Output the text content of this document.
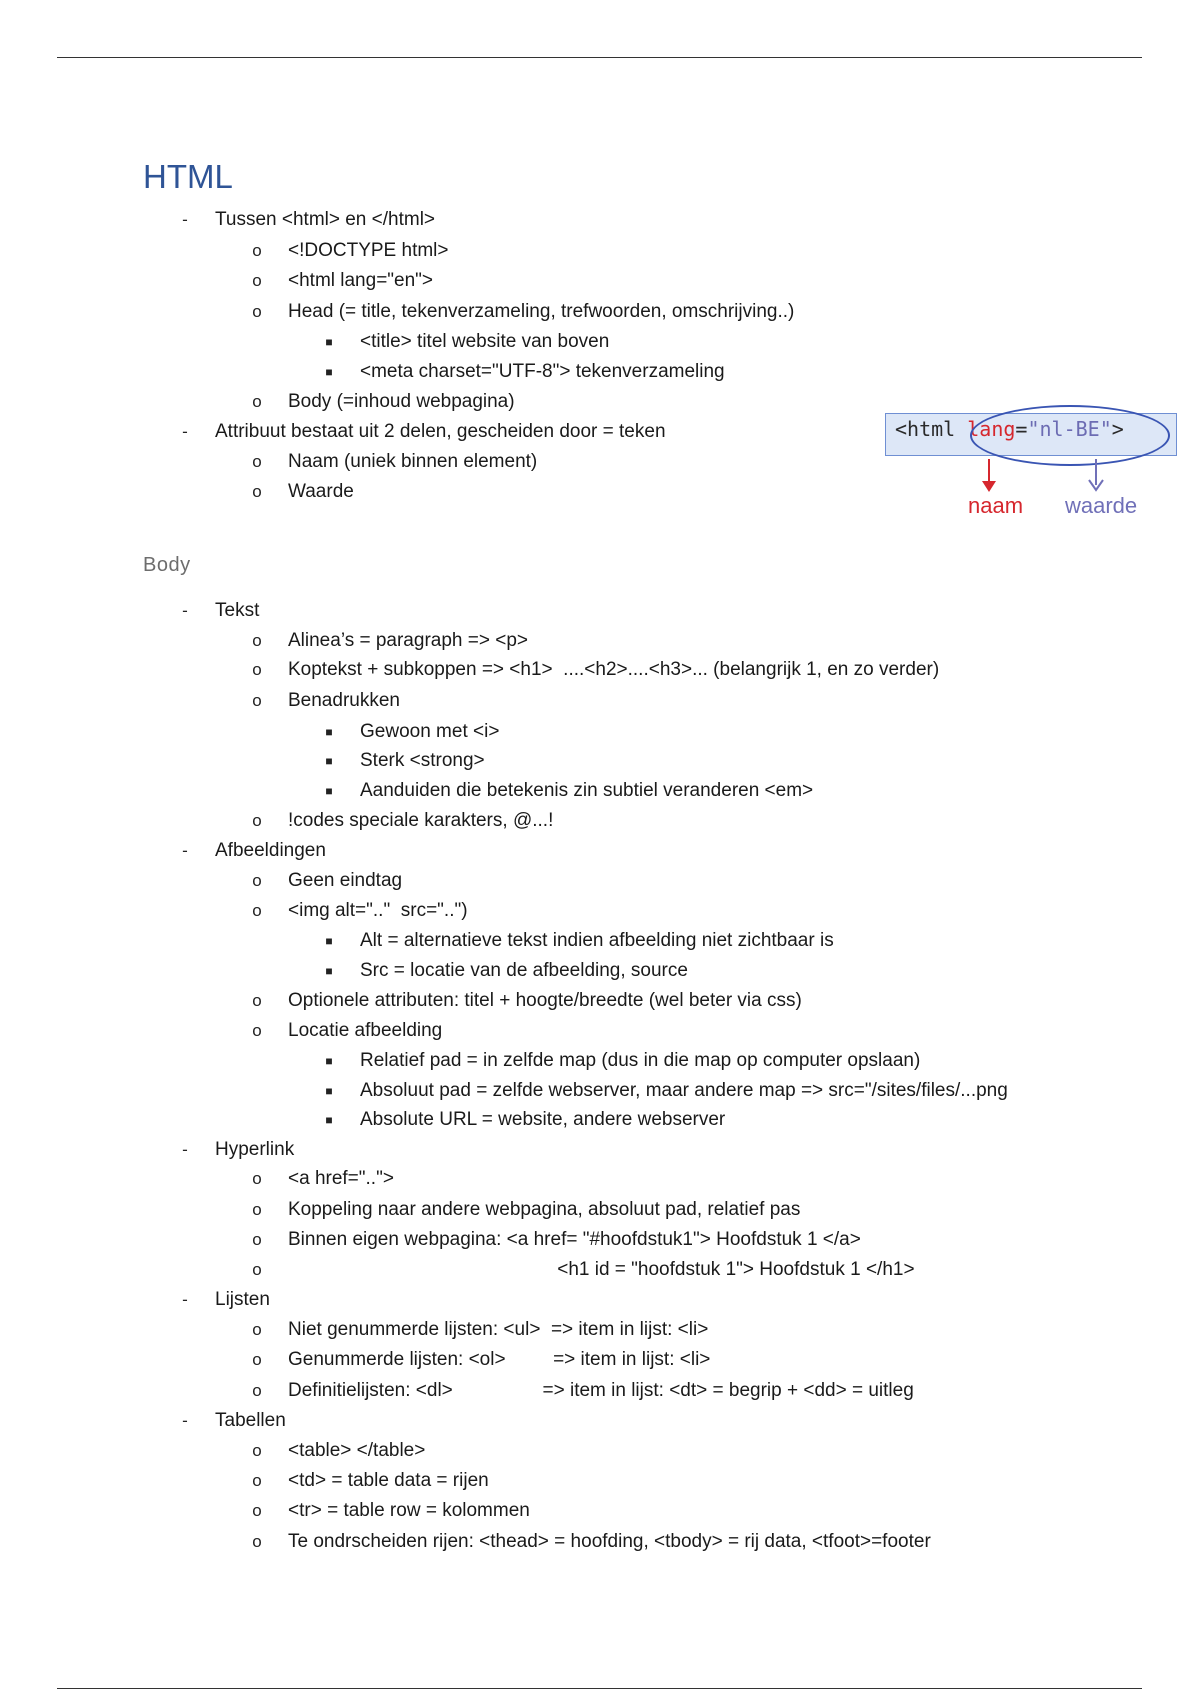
HTML
-	Tussen <html> en </html>
o <!DOCTYPE html>
o <html lang="en">
o Head (= title, tekenverzameling, trefwoorden, omschrijving..)
■	<title> titel website van boven
■	<meta charset="UTF-8"> tekenverzameling
o Body (=inhoud webpagina)
-	Attribuut bestaat uit 2 delen, gescheiden door = teken
o Naam (uniek binnen element)
o Waarde
<html lang="nl-BE">
naam waarde
Body
-	Tekst
o Alinea’s = paragraph => <p>
o Koptekst + subkoppen => <h1>  ....<h2>....<h3>... (belangrijk 1, en zo verder)
o Benadrukken
■	Gewoon met <i>
■	Sterk <strong>
■	Aanduiden die betekenis zin subtiel veranderen <em>
o !codes speciale karakters, @...!
-	Afbeeldingen
o Geen eindtag
o <img alt=".."  src="..")
■	Alt = alternatieve tekst indien afbeelding niet zichtbaar is
■	Src = locatie van de afbeelding, source
o Optionele attributen: titel + hoogte/breedte (wel beter via css)
o Locatie afbeelding
■	Relatief pad = in zelfde map (dus in die map op computer opslaan)
■	Absoluut pad = zelfde webserver, maar andere map => src="/sites/files/...png
■	Absolute URL = website, andere webserver
-	Hyperlink
o <a href="..">
o Koppeling naar andere webpagina, absoluut pad, relatief pas
o Binnen eigen webpagina: <a href= "#hoofdstuk1"> Hoofdstuk 1 </a>
o <h1 id = "hoofdstuk 1"> Hoofdstuk 1 </h1>
-	Lijsten
o Niet genummerde lijsten: <ul>  => item in lijst: <li>
o Genummerde lijsten: <ol>         => item in lijst: <li>
o Definitielijsten: <dl>                 => item in lijst: <dt> = begrip + <dd> = uitleg
-	Tabellen
o <table> </table>
o <td> = table data = rijen
o <tr> = table row = kolommen
o Te ondrscheiden rijen: <thead> = hoofding, <tbody> = rij data, <tfoot>=footer
